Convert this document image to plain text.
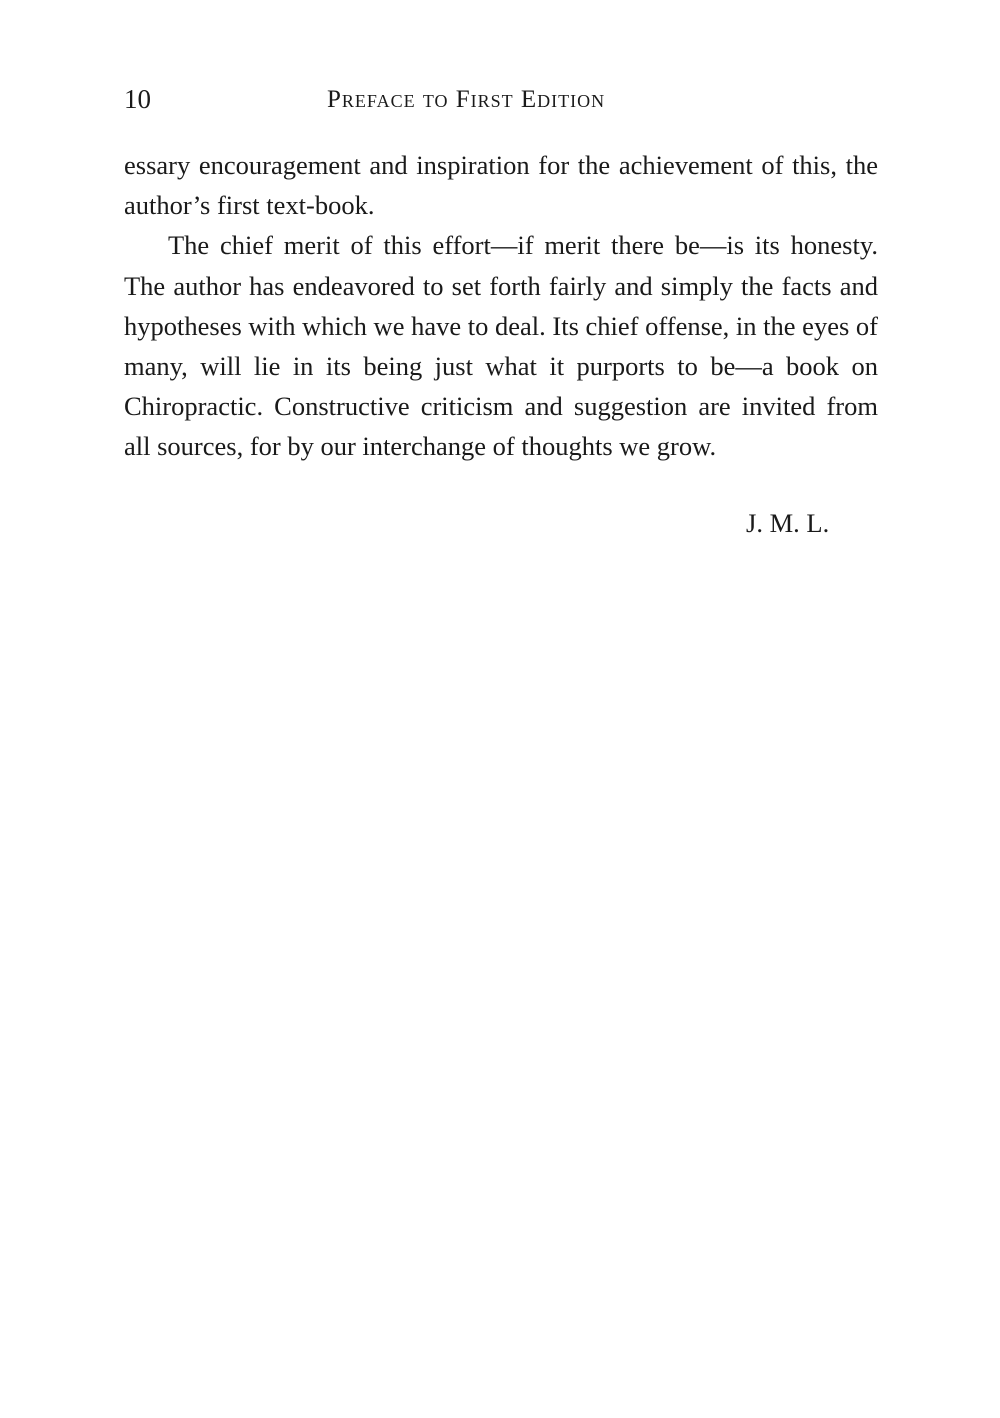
10	Preface to First Edition

essary encouragement and inspiration for the achievement of this, the author’s first text-book.

The chief merit of this effort—if merit there be—is its honesty. The author has endeavored to set forth fairly and simply the facts and hypotheses with which we have to deal. Its chief offense, in the eyes of many, will lie in its being just what it purports to be—a book on Chiropractic. Constructive criticism and suggestion are invited from all sources, for by our interchange of thoughts we grow.

J. M. L.
